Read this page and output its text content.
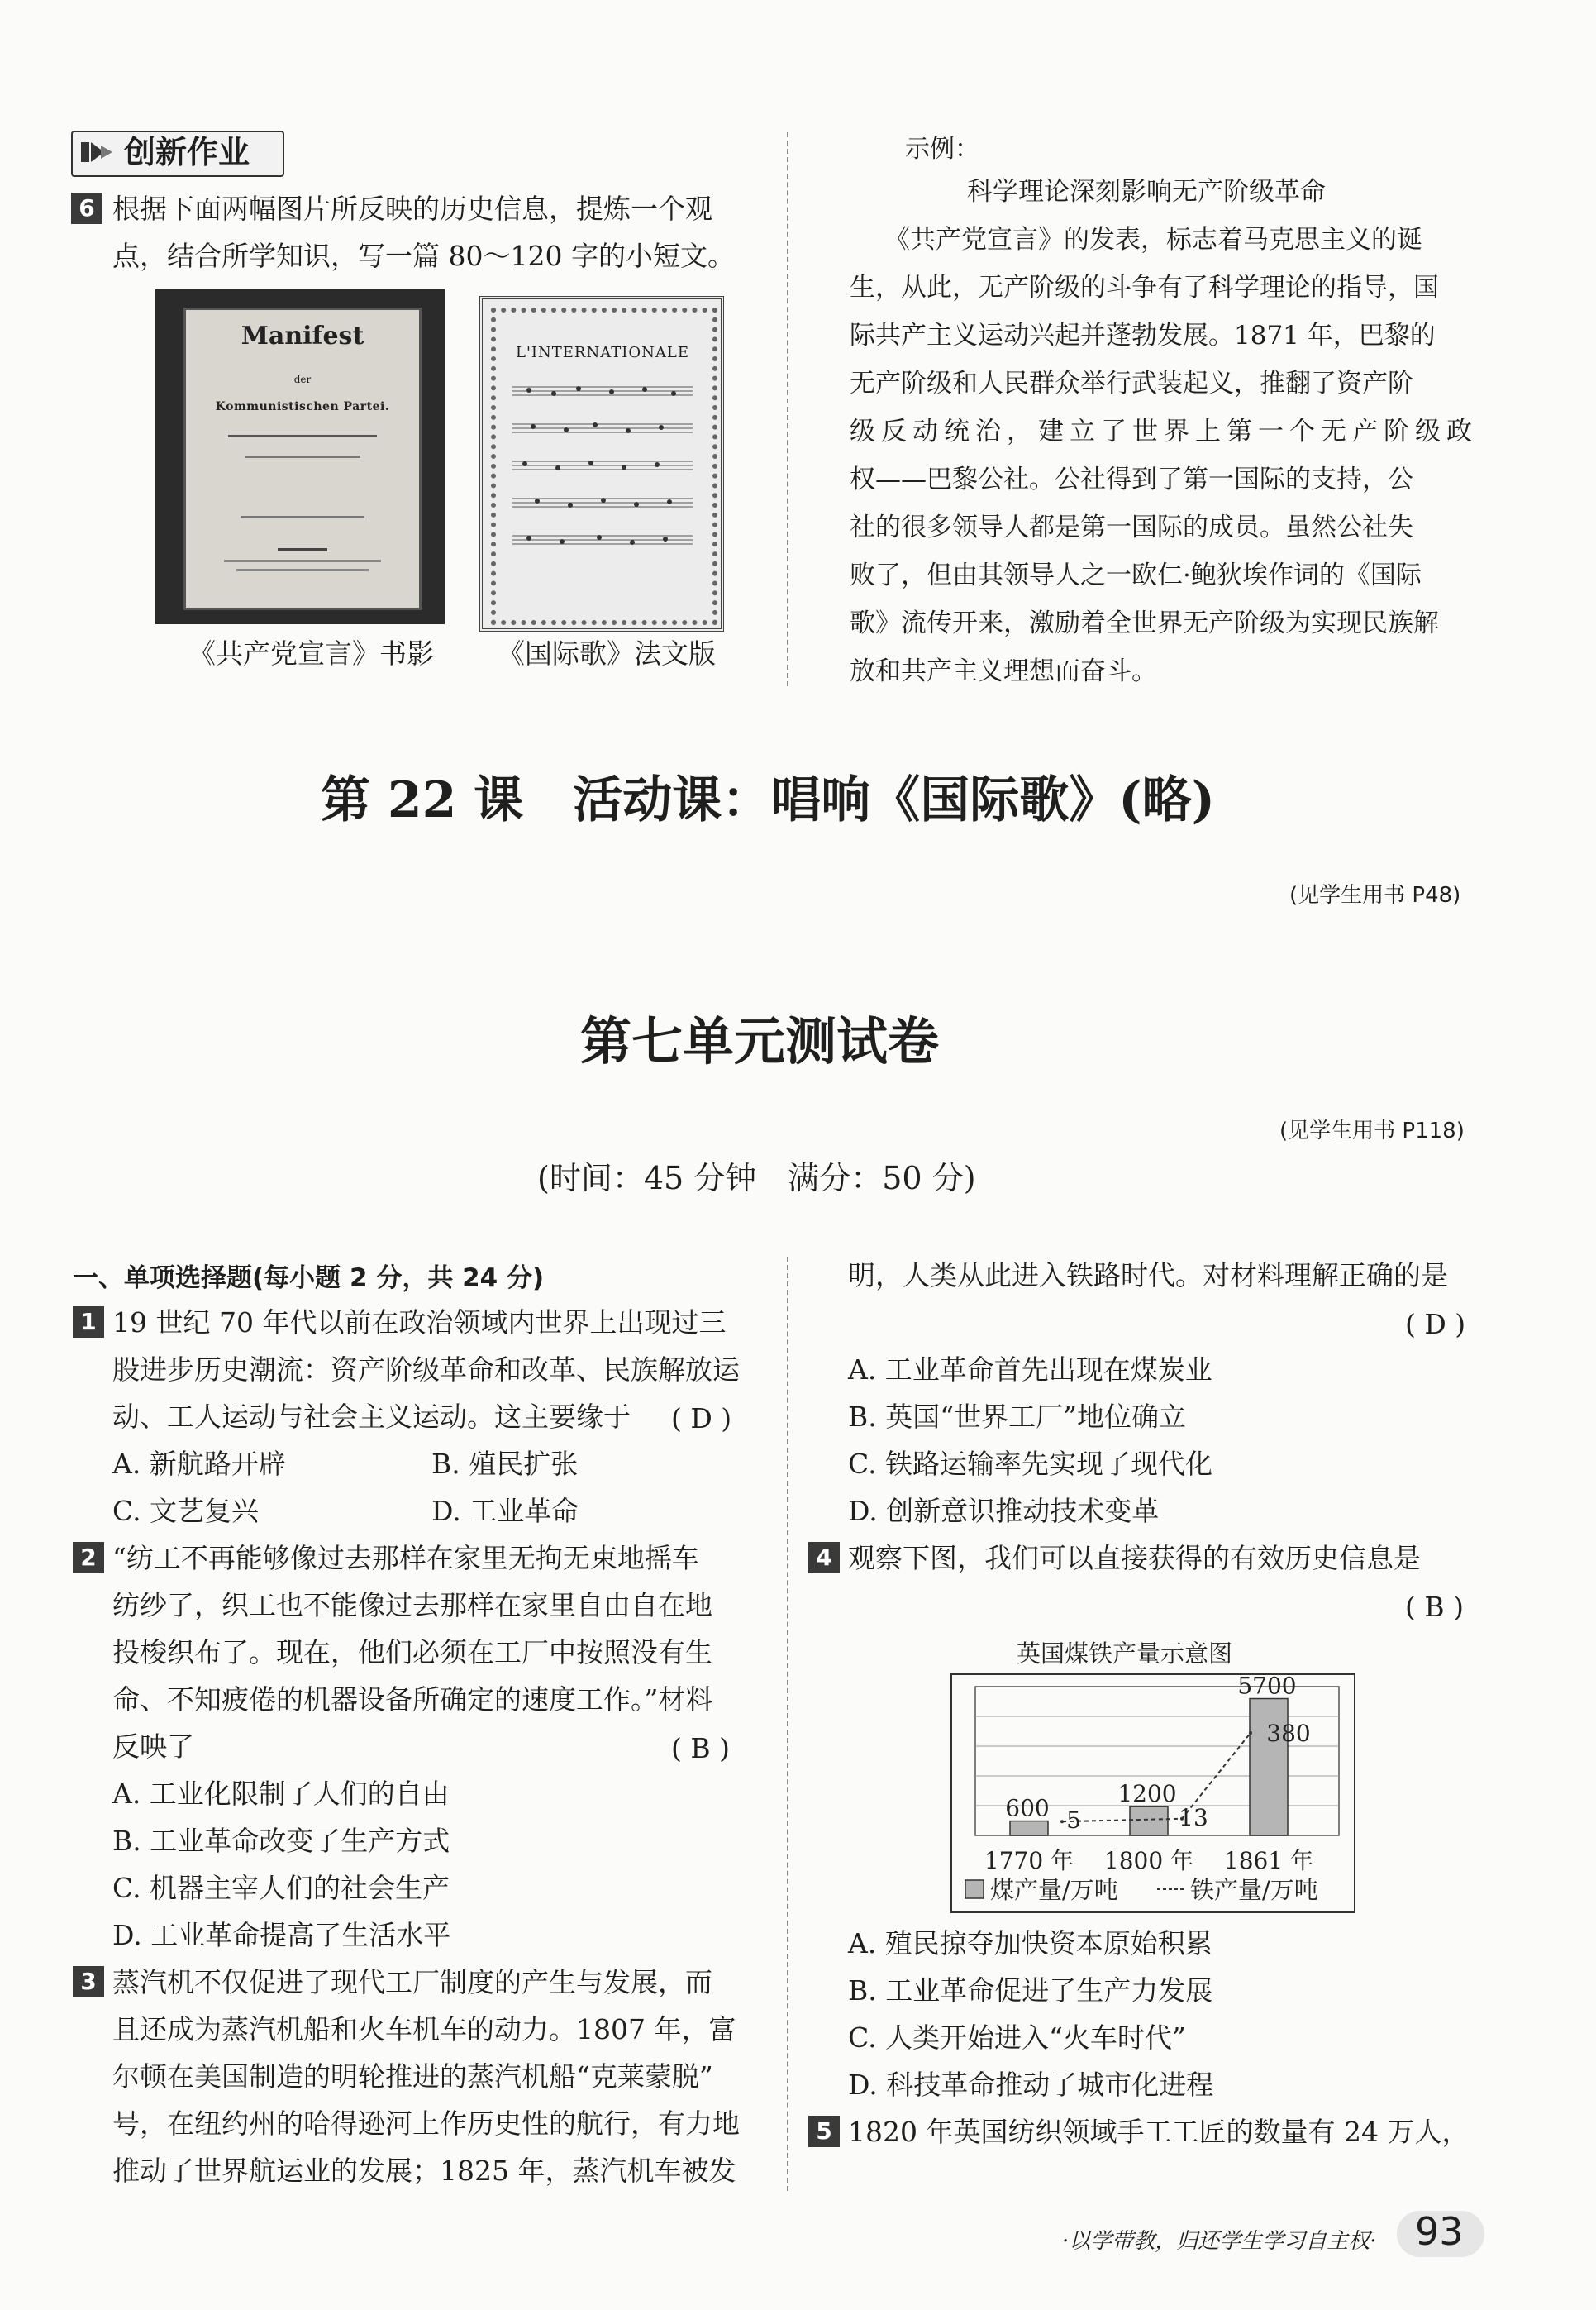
创新作业
6 根据下面两幅图片所反映的历史信息，提炼一个观
点，结合所学知识，写一篇 80～120 字的小短文。
Manifest
der
Kommunistischen Partei.
L'INTERNATIONALE
《共产党宣言》书影 《国际歌》法文版
示例：
科学理论深刻影响无产阶级革命
《共产党宣言》的发表，标志着马克思主义的诞
生，从此，无产阶级的斗争有了科学理论的指导，国
际共产主义运动兴起并蓬勃发展。1871 年，巴黎的
无产阶级和人民群众举行武装起义，推翻了资产阶
级反动统治，建立了世界上第一个无产阶级政
权——巴黎公社。公社得到了第一国际的支持，公
社的很多领导人都是第一国际的成员。虽然公社失
败了，但由其领导人之一欧仁·鲍狄埃作词的《国际
歌》流传开来，激励着全世界无产阶级为实现民族解
放和共产主义理想而奋斗。
第 22 课　活动课：唱响《国际歌》(略)
(见学生用书 P48)
第七单元测试卷
(见学生用书 P118)
(时间：45 分钟　满分：50 分)
一、单项选择题(每小题 2 分，共 24 分)
1 19 世纪 70 年代以前在政治领域内世界上出现过三
股进步历史潮流：资产阶级革命和改革、民族解放运
动、工人运动与社会主义运动。这主要缘于 ( D )
A. 新航路开辟	B. 殖民扩张
C. 文艺复兴	D. 工业革命
2 “纺工不再能够像过去那样在家里无拘无束地摇车
纺纱了，织工也不能像过去那样在家里自由自在地
投梭织布了。现在，他们必须在工厂中按照没有生
命、不知疲倦的机器设备所确定的速度工作。”材料
反映了	( B )
A. 工业化限制了人们的自由
B. 工业革命改变了生产方式
C. 机器主宰人们的社会生产
D. 工业革命提高了生活水平
3 蒸汽机不仅促进了现代工厂制度的产生与发展，而
且还成为蒸汽机船和火车机车的动力。1807 年，富
尔顿在美国制造的明轮推进的蒸汽机船“克莱蒙脱”
号，在纽约州的哈得逊河上作历史性的航行，有力地
推动了世界航运业的发展；1825 年，蒸汽机车被发
明，人类从此进入铁路时代。对材料理解正确的是
( D )
A. 工业革命首先出现在煤炭业
B. 英国“世界工厂”地位确立
C. 铁路运输率先实现了现代化
D. 创新意识推动技术变革
4 观察下图，我们可以直接获得的有效历史信息是
( B )
英国煤铁产量示意图
600
1200
5700
5	13
380
1770 年 1800 年 1861 年
煤产量/万吨	铁产量/万吨
A. 殖民掠夺加快资本原始积累
B. 工业革命促进了生产力发展
C. 人类开始进入“火车时代”
D. 科技革命推动了城市化进程
5 1820 年英国纺织领域手工工匠的数量有 24 万人，
·以学带教，归还学生学习自主权· 93
